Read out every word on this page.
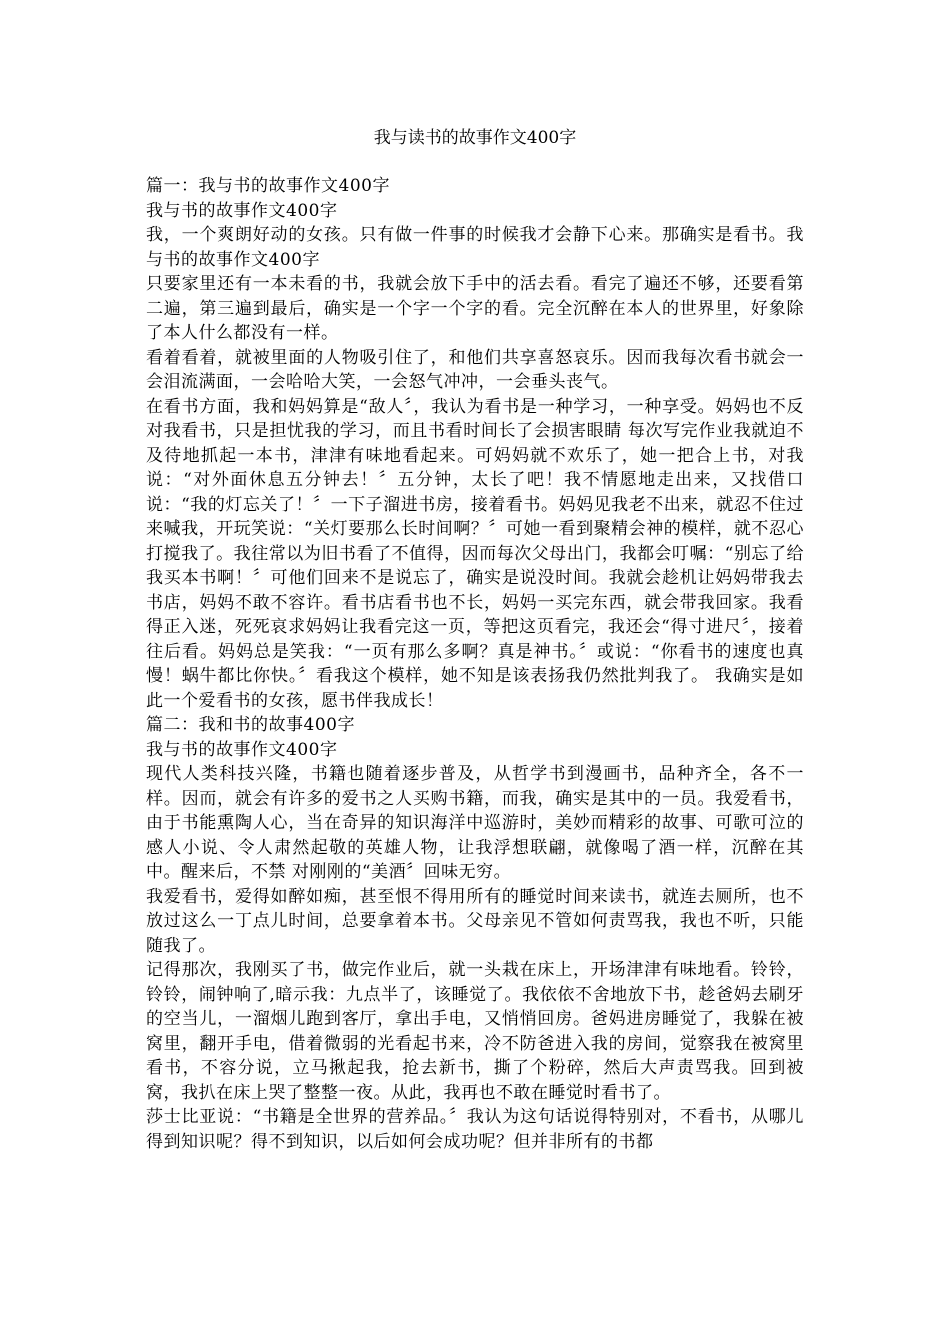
我与读书的故事作文400字

篇一：我与书的故事作文400字

我与书的故事作文400字

我，一个爽朗好动的女孩。只有做一件事的时候我才会静下心来。那确实是看书。我与书的故事作文400字

只要家里还有一本未看的书，我就会放下手中的活去看。看完了遍还不够，还要看第二遍，第三遍到最后，确实是一个字一个字的看。完全沉醉在本人的世界里，好象除了本人什么都没有一样。

看着看着，就被里面的人物吸引住了，和他们共享喜怒哀乐。因而我每次看书就会一会泪流满面，一会哈哈大笑，一会怒气冲冲，一会垂头丧气。

在看书方面，我和妈妈算是“敌人〞，我认为看书是一种学习，一种享受。妈妈也不反对我看书，只是担忧我的学习，而且书看时间长了会损害眼睛 每次写完作业我就迫不及待地抓起一本书，津津有味地看起来。可妈妈就不欢乐了，她一把合上书，对我说：“对外面休息五分钟去！〞五分钟，太长了吧！我不情愿地走出来，又找借口说：“我的灯忘关了！〞一下子溜进书房，接着看书。妈妈见我老不出来，就忍不住过来喊我，开玩笑说：“关灯要那么长时间啊？〞可她一看到聚精会神的模样，就不忍心打搅我了。我往常以为旧书看了不值得，因而每次父母出门，我都会叮嘱：“别忘了给我买本书啊！〞可他们回来不是说忘了，确实是说没时间。我就会趁机让妈妈带我去书店，妈妈不敢不容许。看书店看书也不长，妈妈一买完东西，就会带我回家。我看得正入迷，死死哀求妈妈让我看完这一页，等把这页看完，我还会“得寸进尺〞，接着往后看。妈妈总是笑我：“一页有那么多啊？真是神书。〞或说：“你看书的速度也真慢！蜗牛都比你快。〞看我这个模样，她不知是该表扬我仍然批判我了。 我确实是如此一个爱看书的女孩，愿书伴我成长！

篇二：我和书的故事400字

我与书的故事作文400字

现代人类科技兴隆，书籍也随着逐步普及，从哲学书到漫画书，品种齐全，各不一样。因而，就会有许多的爱书之人买购书籍，而我，确实是其中的一员。我爱看书，由于书能熏陶人心，当在奇异的知识海洋中巡游时，美妙而精彩的故事、可歌可泣的感人小说、令人肃然起敬的英雄人物，让我浮想联翩，就像喝了酒一样，沉醉在其中。醒来后，不禁 对刚刚的“美酒〞回味无穷。

我爱看书，爱得如醉如痴，甚至恨不得用所有的睡觉时间来读书，就连去厕所，也不放过这么一丁点儿时间，总要拿着本书。父母亲见不管如何责骂我，我也不听，只能随我了。

记得那次，我刚买了书，做完作业后，就一头栽在床上，开场津津有味地看。铃铃，铃铃，闹钟响了,暗示我：九点半了，该睡觉了。我依依不舍地放下书，趁爸妈去刷牙的空当儿，一溜烟儿跑到客厅，拿出手电，又悄悄回房。爸妈进房睡觉了，我躲在被窝里，翻开手电，借着微弱的光看起书来，冷不防爸进入我的房间，觉察我在被窝里看书，不容分说，立马揪起我，抢去新书，撕了个粉碎，然后大声责骂我。回到被窝，我扒在床上哭了整整一夜。从此，我再也不敢在睡觉时看书了。

莎士比亚说：“书籍是全世界的营养品。〞我认为这句话说得特别对，不看书，从哪儿得到知识呢？得不到知识，以后如何会成功呢？但并非所有的书都
